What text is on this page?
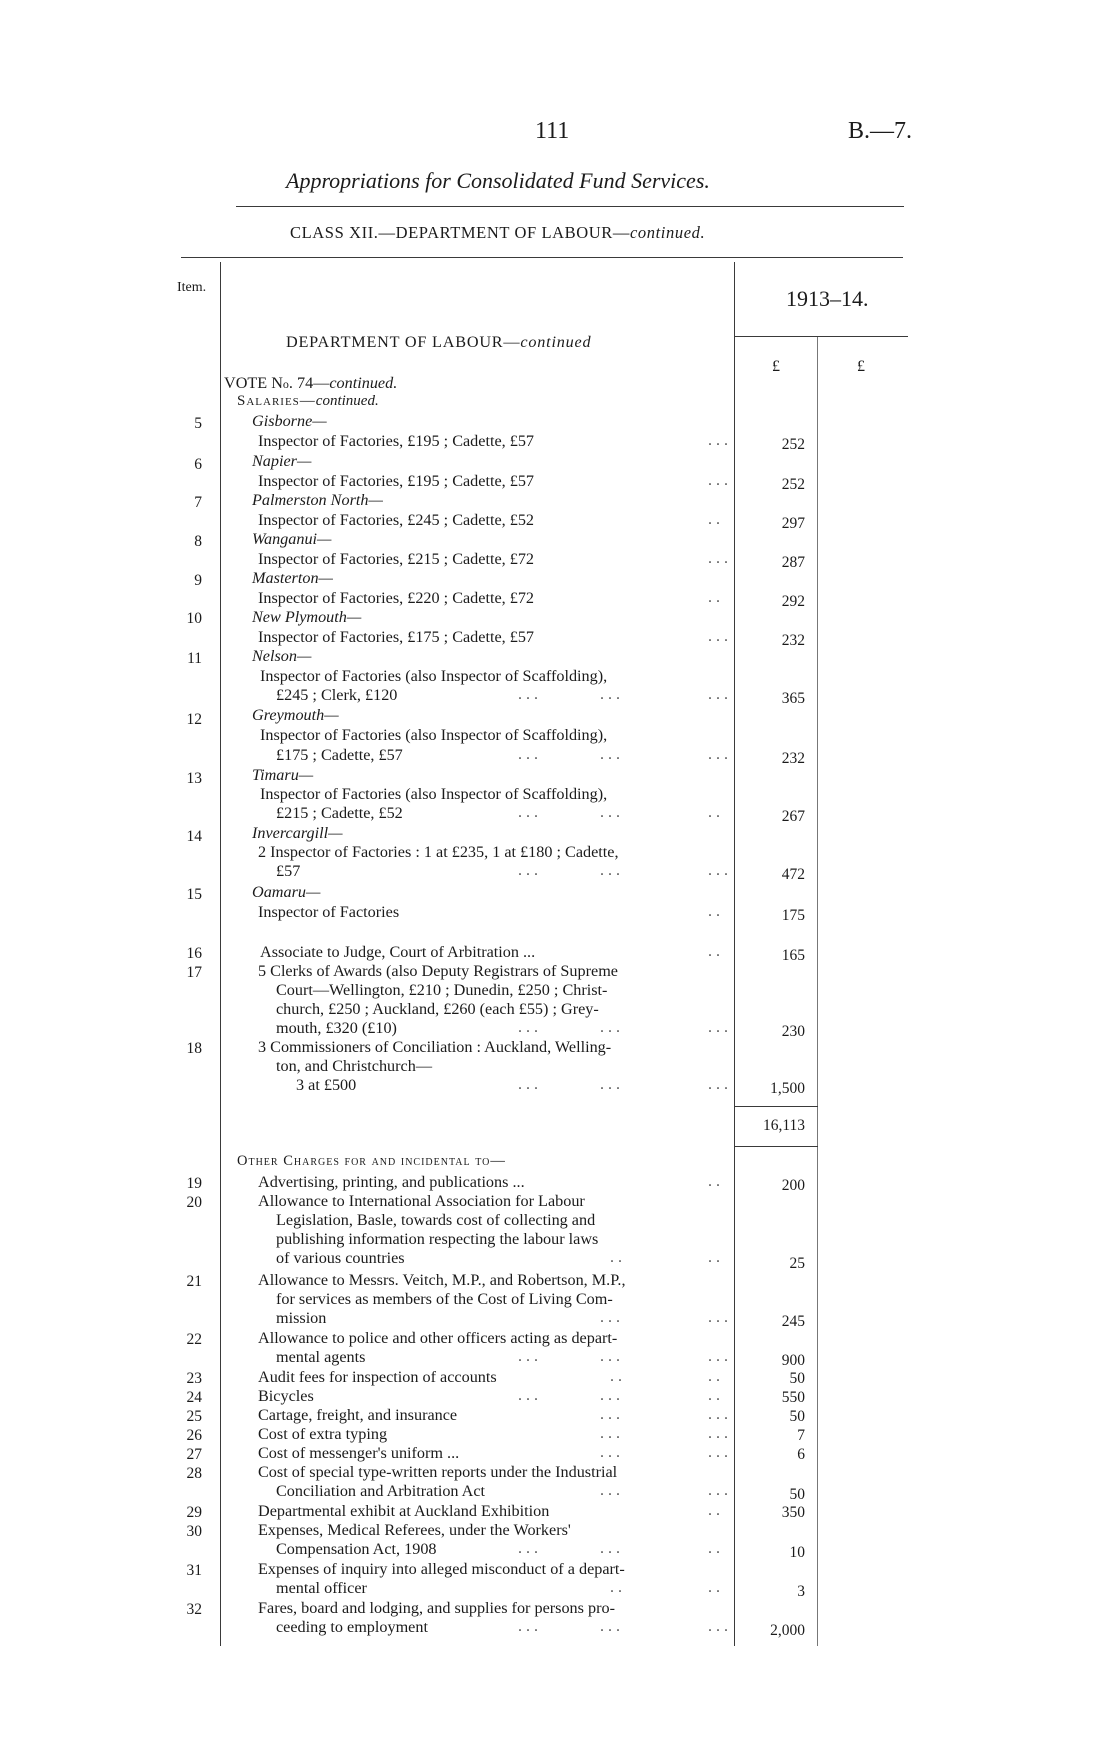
111	B.—7.
Appropriations for Consolidated Fund Services.
CLASS XII.—DEPARTMENT OF LABOUR—continued.
Item.	1913–14.
£	£
DEPARTMENT OF LABOUR—continued
VOTE No. 74—continued.
Salaries—continued.
5	Gisborne—
Inspector of Factories, £195 ; Cadette, £57	...	252
6	Napier—
Inspector of Factories, £195 ; Cadette, £57	...	252
7	Palmerston North—
Inspector of Factories, £245 ; Cadette, £52	..	297
8	Wanganui—
Inspector of Factories, £215 ; Cadette, £72	...	287
9	Masterton—
Inspector of Factories, £220 ; Cadette, £72	..	292
10	New Plymouth—
Inspector of Factories, £175 ; Cadette, £57	...	232
11	Nelson—
Inspector of Factories (also Inspector of Scaffolding),
£245 ; Clerk, £120	...	...	...	365
12	Greymouth—
Inspector of Factories (also Inspector of Scaffolding),
£175 ; Cadette, £57	...	...	...	232
13	Timaru—
Inspector of Factories (also Inspector of Scaffolding),
£215 ; Cadette, £52	...	...	..	267
14	Invercargill—
2 Inspector of Factories : 1 at £235, 1 at £180 ; Cadette,
£57	...	...	...	472
15	Oamaru—
Inspector of Factories	..	175
16	Associate to Judge, Court of Arbitration ...	..	165
17	5 Clerks of Awards (also Deputy Registrars of Supreme
Court—Wellington, £210 ; Dunedin, £250 ; Christ-
church, £250 ; Auckland, £260 (each £55) ; Grey-
mouth, £320 (£10)	...	...	...	230
18	3 Commissioners of Conciliation : Auckland, Welling-
ton, and Christchurch—
3 at £500	...	...	...	1,500
16,113
Other Charges for and incidental to—
19	Advertising, printing, and publications ...	..	200
20	Allowance to International Association for Labour
Legislation, Basle, towards cost of collecting and
publishing information respecting the labour laws
of various countries	..	..	25
21	Allowance to Messrs. Veitch, M.P., and Robertson, M.P.,
for services as members of the Cost of Living Com-
mission	...	...	245
22	Allowance to police and other officers acting as depart-
mental agents	...	...	...	900
23	Audit fees for inspection of accounts	..	..	50
24	Bicycles	...	...	..	550
25	Cartage, freight, and insurance	...	...	50
26	Cost of extra typing	...	...	7
27	Cost of messenger's uniform ...	...	...	6
28	Cost of special type-written reports under the Industrial
Conciliation and Arbitration Act	...	...	50
29	Departmental exhibit at Auckland Exhibition	..	350
30	Expenses, Medical Referees, under the Workers'
Compensation Act, 1908	...	...	..	10
31	Expenses of inquiry into alleged misconduct of a depart-
mental officer	..	..	3
32	Fares, board and lodging, and supplies for persons pro-
ceeding to employment	...	...	...	2,000
